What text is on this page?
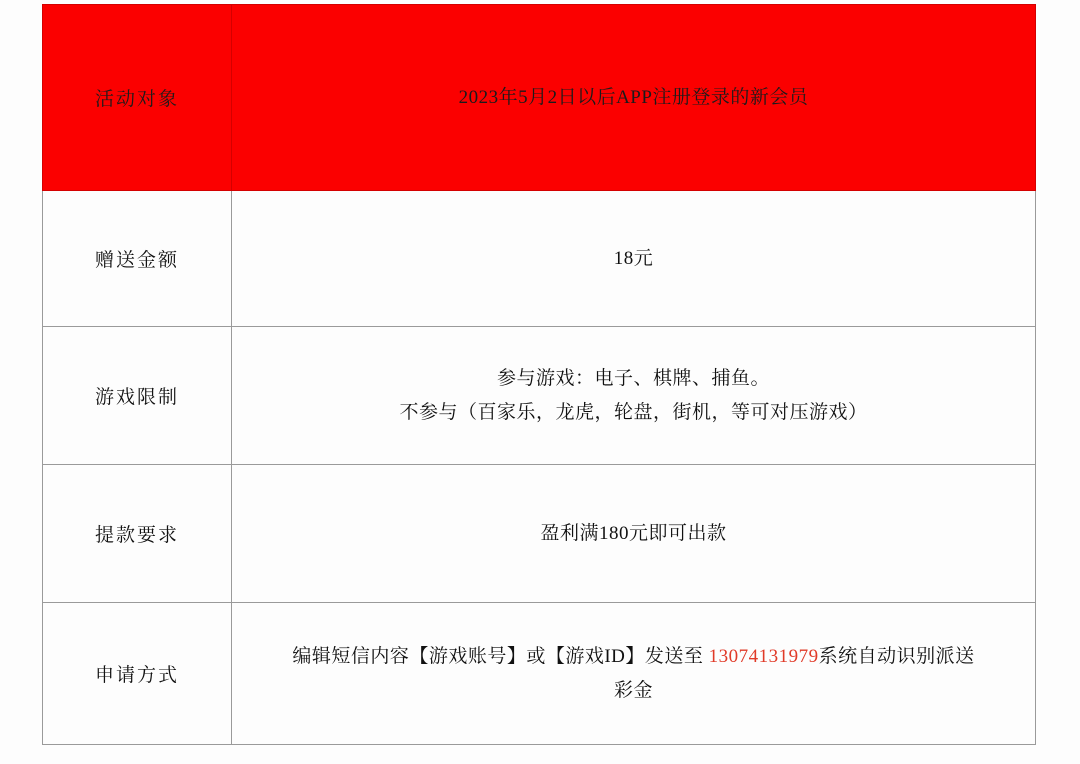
活动对象	2023年5月2日以后APP注册登录的新会员

赠送金额	18元

游戏限制	参与游戏：电子、棋牌、捕鱼。
不参与（百家乐，龙虎，轮盘，街机，等可对压游戏）

提款要求	盈利满180元即可出款

申请方式	编辑短信内容【游戏账号】或【游戏ID】发送至 13074131979系统自动识别派送
彩金
